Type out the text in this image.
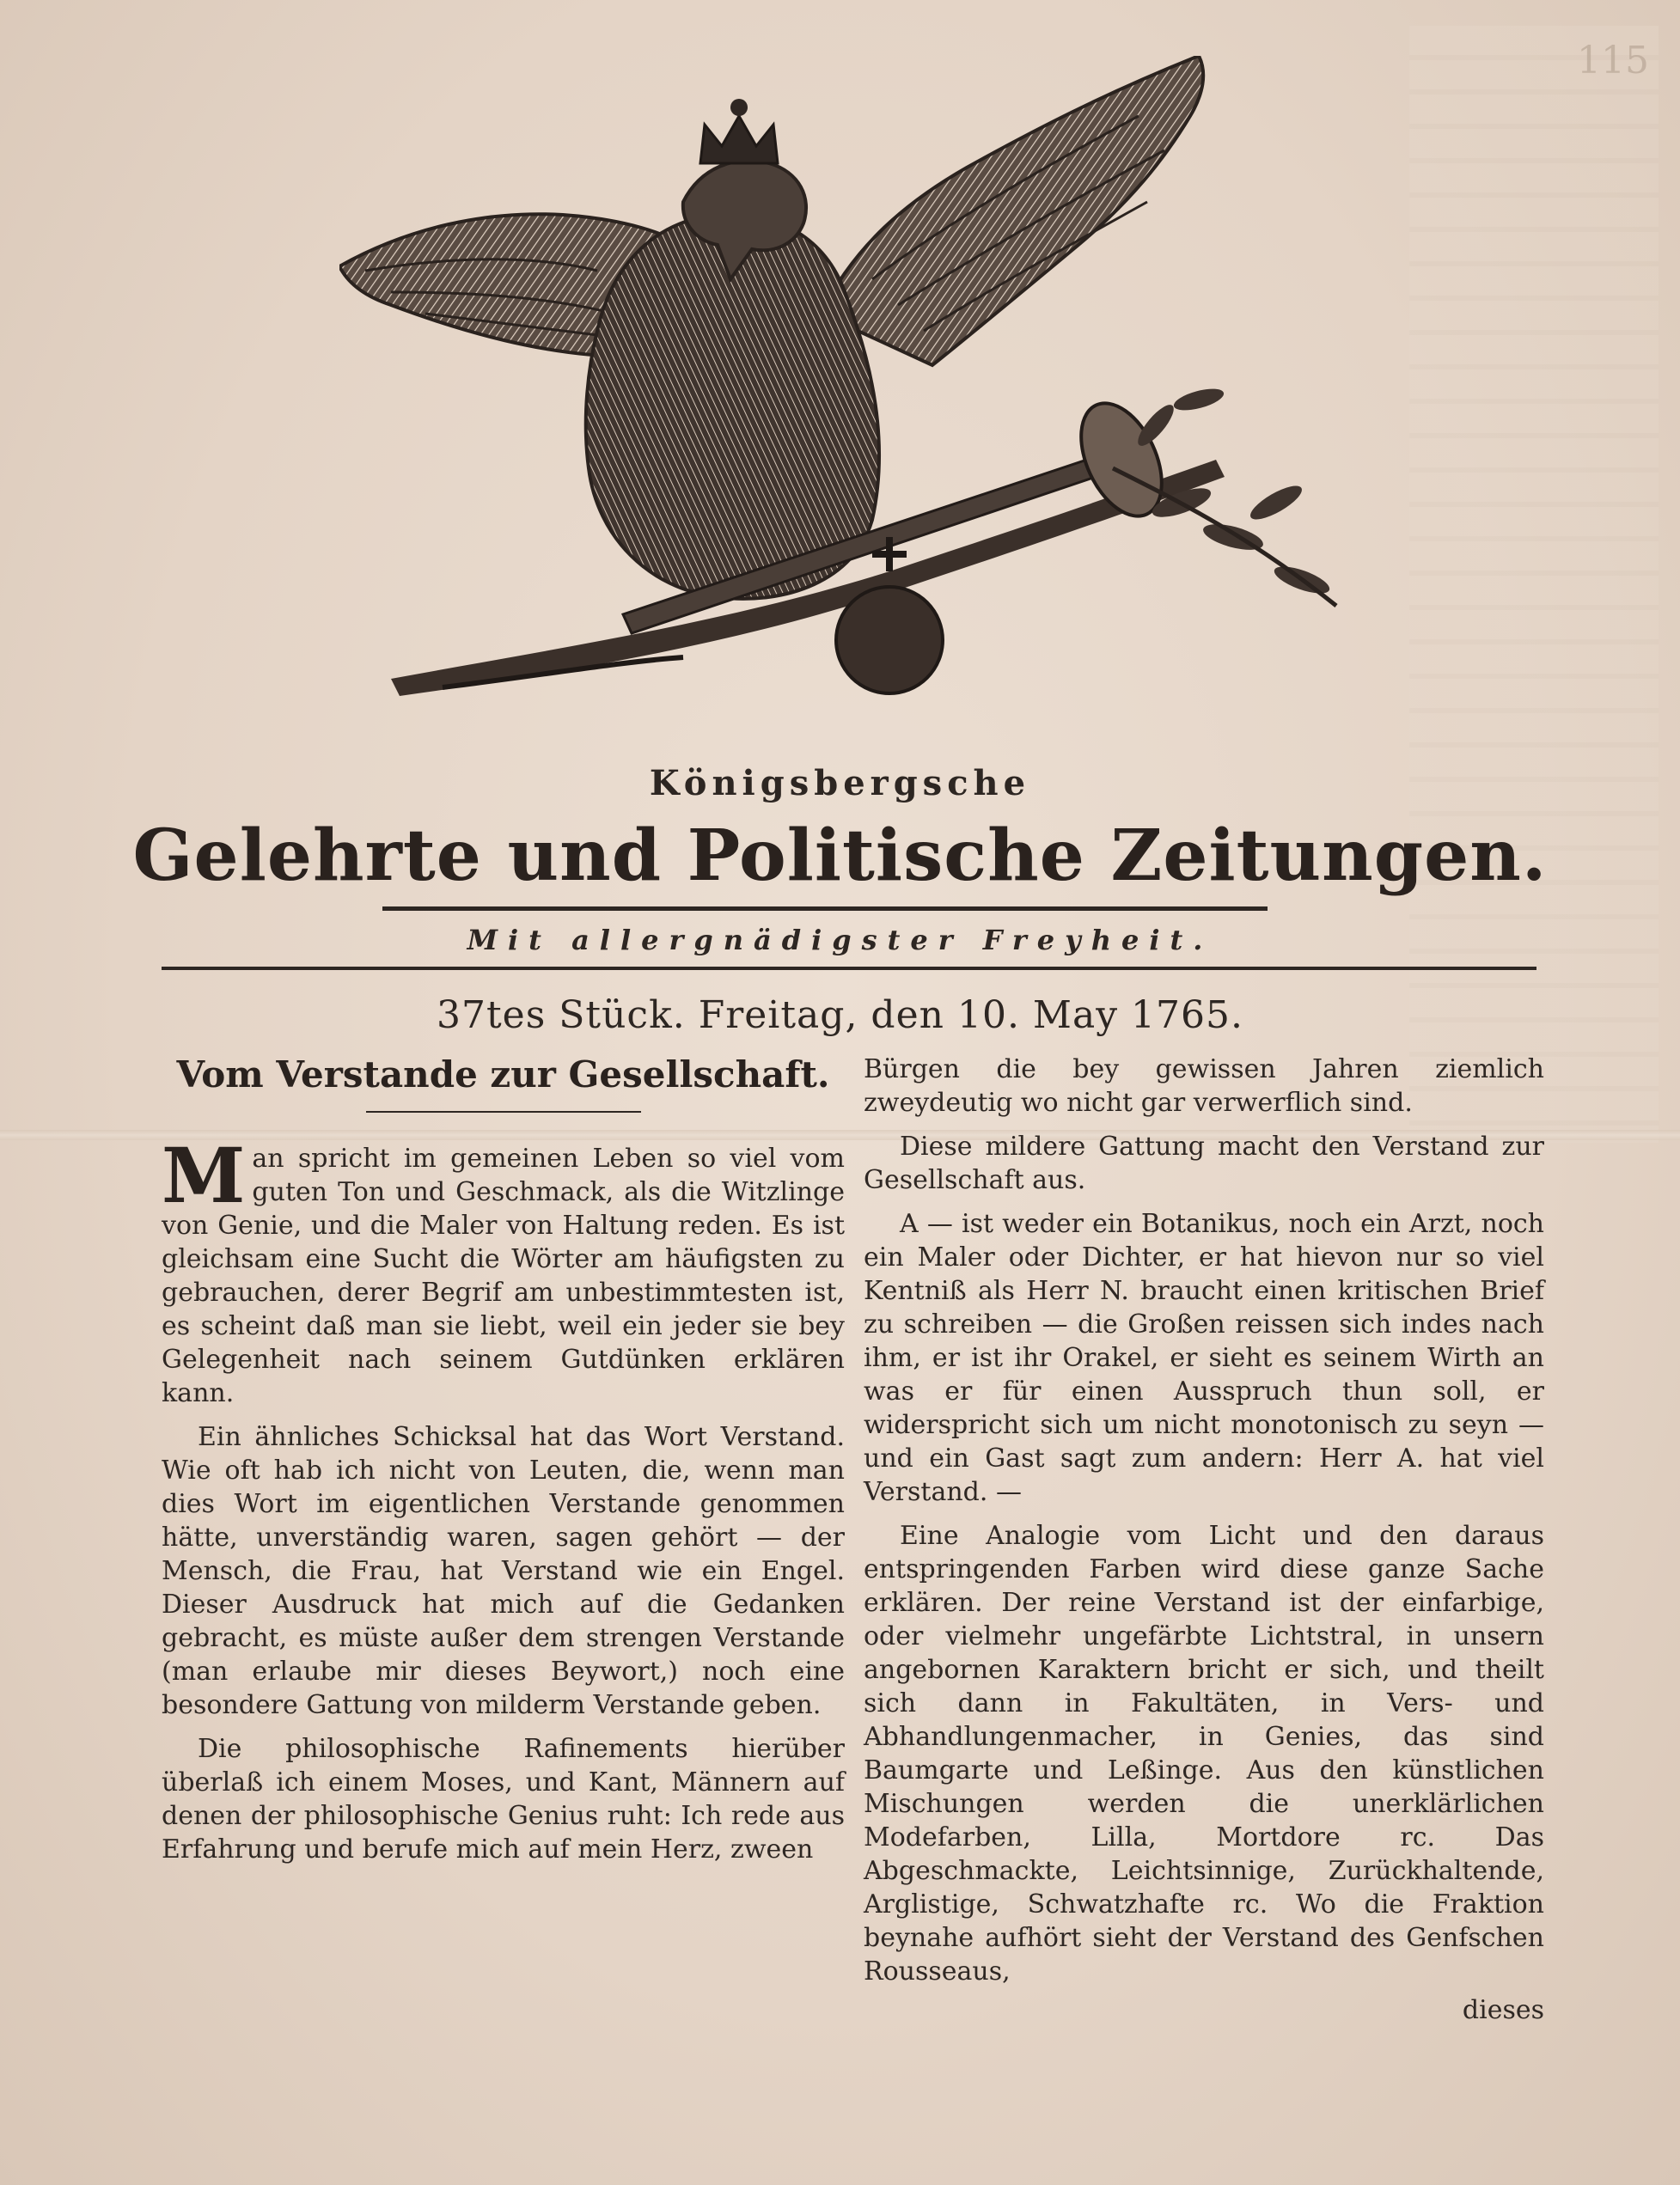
115
Königsbergsche
Gelehrte und Politische Zeitungen.
Mit allergnädigster Freyheit.
37tes Stück. Freitag, den 10. May 1765.
Vom Verstande zur Gesellschaft.

M an spricht im gemeinen Leben so viel vom guten Ton und Geschmack, als die Witzlinge von Genie, und die Maler von Haltung reden. Es ist gleichsam eine Sucht die Wörter am häufigsten zu gebrauchen, derer Begrif am unbestimmtesten ist, es scheint daß man sie liebt, weil ein jeder sie bey Gelegenheit nach seinem Gutdünken erklären kann.

Ein ähnliches Schicksal hat das Wort Verstand. Wie oft hab ich nicht von Leuten, die, wenn man dies Wort im eigentlichen Verstande genommen hätte, unverständig waren, sagen gehört — der Mensch, die Frau, hat Verstand wie ein Engel. Dieser Ausdruck hat mich auf die Gedanken gebracht, es müste außer dem strengen Verstande (man erlaube mir dieses Beywort,) noch eine besondere Gattung von milderm Verstande geben.

Die philosophische Rafinements hierüber überlaß ich einem Moses, und Kant, Männern auf denen der philosophische Genius ruht: Ich rede aus Erfahrung und berufe mich auf mein Herz, zween

Bürgen die bey gewissen Jahren ziemlich zweydeutig wo nicht gar verwerflich sind.

Diese mildere Gattung macht den Verstand zur Gesellschaft aus.

A — ist weder ein Botanikus, noch ein Arzt, noch ein Maler oder Dichter, er hat hievon nur so viel Kentniß als Herr N. braucht einen kritischen Brief zu schreiben — die Großen reissen sich indes nach ihm, er ist ihr Orakel, er sieht es seinem Wirth an was er für einen Ausspruch thun soll, er widerspricht sich um nicht monotonisch zu seyn — und ein Gast sagt zum andern: Herr A. hat viel Verstand. —

Eine Analogie vom Licht und den daraus entspringenden Farben wird diese ganze Sache erklären. Der reine Verstand ist der einfarbige, oder vielmehr ungefärbte Lichtstral, in unsern angebornen Karaktern bricht er sich, und theilt sich dann in Fakultäten, in Vers- und Abhandlungenmacher, in Genies, das sind Baumgarte und Leßinge. Aus den künstlichen Mischungen werden die unerklärlichen Modefarben, Lilla, Mortdore rc. Das Abgeschmackte, Leichtsinnige, Zurückhaltende, Arglistige, Schwatzhafte rc. Wo die Fraktion beynahe aufhört sieht der Verstand des Genfschen Rousseaus,

dieses
